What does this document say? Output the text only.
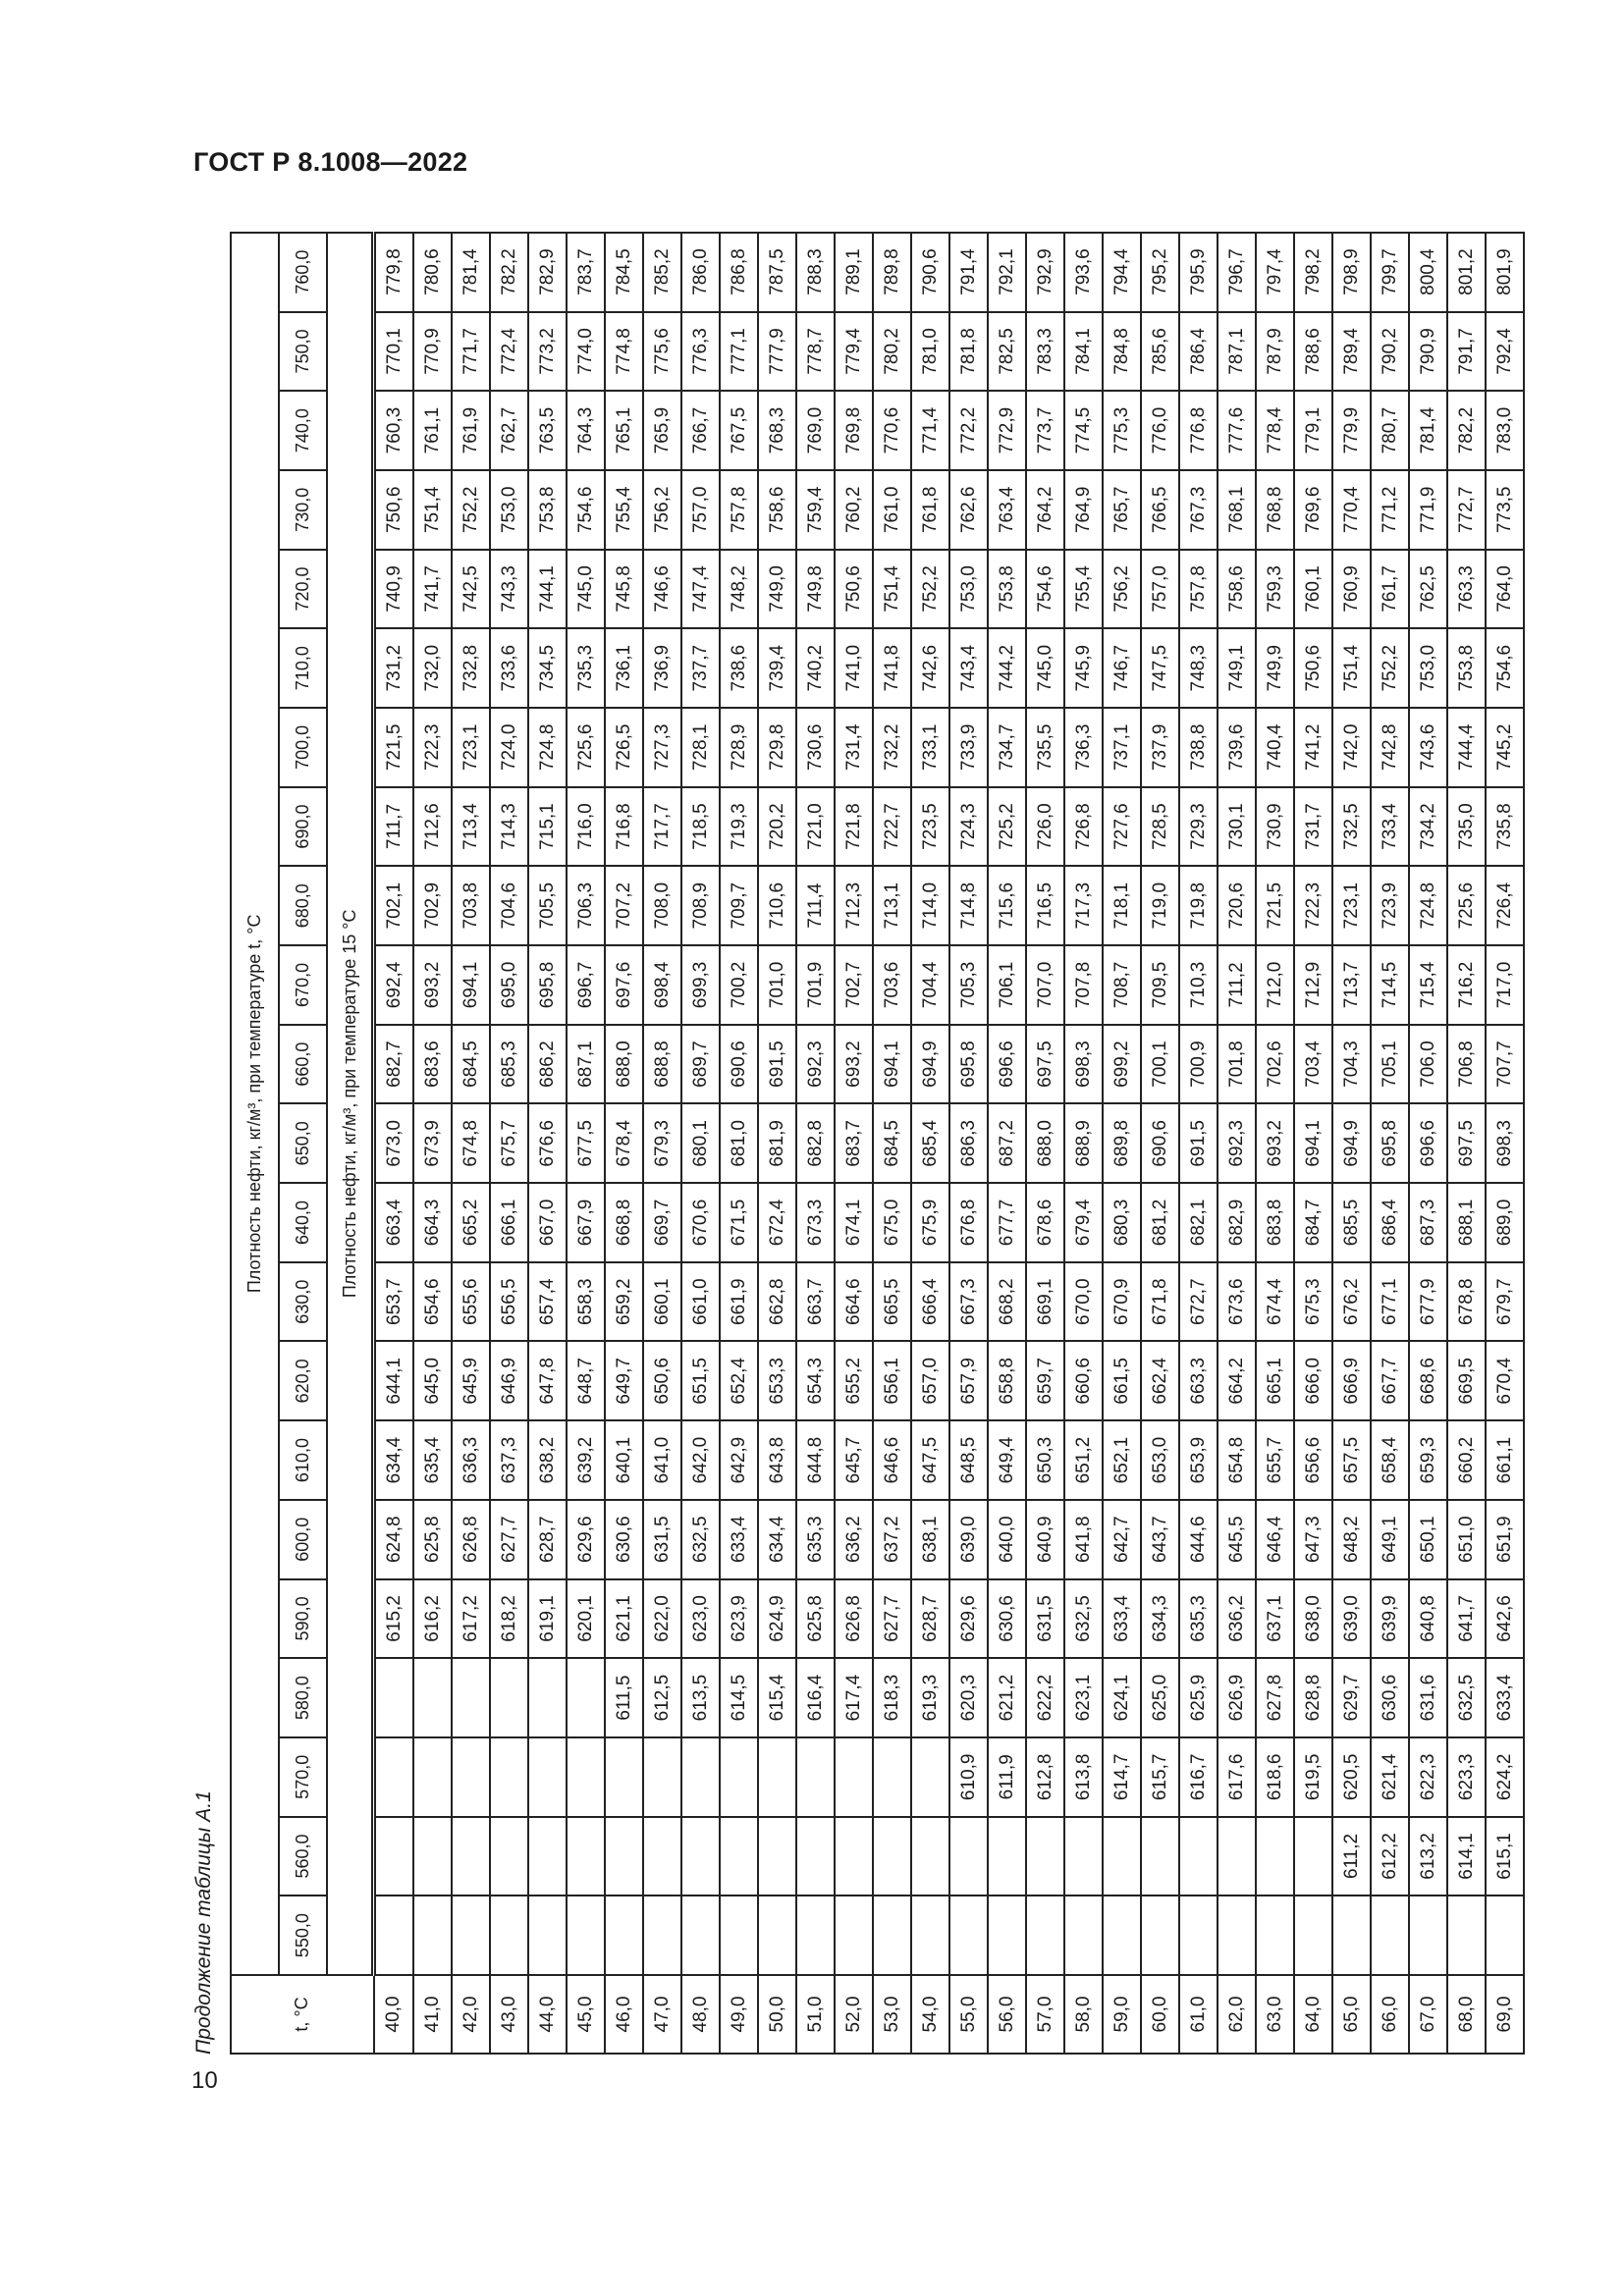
ГОСТ Р 8.1008—2022
Продолжение таблицы А.1
10
t, °C	Плотность нефти, кг/м³, при температуре t, °C																					
	550,0	560,0	570,0	580,0	590,0	600,0	610,0	620,0	630,0	640,0	650,0	660,0	670,0	680,0	690,0	700,0	710,0	720,0	730,0	740,0	750,0	760,0
	Плотность нефти, кг/м³, при температуре 15 °C																					
40,0					615,2	624,8	634,4	644,1	653,7	663,4	673,0	682,7	692,4	702,1	711,7	721,5	731,2	740,9	750,6	760,3	770,1	779,8
41,0					616,2	625,8	635,4	645,0	654,6	664,3	673,9	683,6	693,2	702,9	712,6	722,3	732,0	741,7	751,4	761,1	770,9	780,6
42,0					617,2	626,8	636,3	645,9	655,6	665,2	674,8	684,5	694,1	703,8	713,4	723,1	732,8	742,5	752,2	761,9	771,7	781,4
43,0					618,2	627,7	637,3	646,9	656,5	666,1	675,7	685,3	695,0	704,6	714,3	724,0	733,6	743,3	753,0	762,7	772,4	782,2
44,0					619,1	628,7	638,2	647,8	657,4	667,0	676,6	686,2	695,8	705,5	715,1	724,8	734,5	744,1	753,8	763,5	773,2	782,9
45,0					620,1	629,6	639,2	648,7	658,3	667,9	677,5	687,1	696,7	706,3	716,0	725,6	735,3	745,0	754,6	764,3	774,0	783,7
46,0				611,5	621,1	630,6	640,1	649,7	659,2	668,8	678,4	688,0	697,6	707,2	716,8	726,5	736,1	745,8	755,4	765,1	774,8	784,5
47,0				612,5	622,0	631,5	641,0	650,6	660,1	669,7	679,3	688,8	698,4	708,0	717,7	727,3	736,9	746,6	756,2	765,9	775,6	785,2
48,0				613,5	623,0	632,5	642,0	651,5	661,0	670,6	680,1	689,7	699,3	708,9	718,5	728,1	737,7	747,4	757,0	766,7	776,3	786,0
49,0				614,5	623,9	633,4	642,9	652,4	661,9	671,5	681,0	690,6	700,2	709,7	719,3	728,9	738,6	748,2	757,8	767,5	777,1	786,8
50,0				615,4	624,9	634,4	643,8	653,3	662,8	672,4	681,9	691,5	701,0	710,6	720,2	729,8	739,4	749,0	758,6	768,3	777,9	787,5
51,0				616,4	625,8	635,3	644,8	654,3	663,7	673,3	682,8	692,3	701,9	711,4	721,0	730,6	740,2	749,8	759,4	769,0	778,7	788,3
52,0				617,4	626,8	636,2	645,7	655,2	664,6	674,1	683,7	693,2	702,7	712,3	721,8	731,4	741,0	750,6	760,2	769,8	779,4	789,1
53,0				618,3	627,7	637,2	646,6	656,1	665,5	675,0	684,5	694,1	703,6	713,1	722,7	732,2	741,8	751,4	761,0	770,6	780,2	789,8
54,0				619,3	628,7	638,1	647,5	657,0	666,4	675,9	685,4	694,9	704,4	714,0	723,5	733,1	742,6	752,2	761,8	771,4	781,0	790,6
55,0			610,9	620,3	629,6	639,0	648,5	657,9	667,3	676,8	686,3	695,8	705,3	714,8	724,3	733,9	743,4	753,0	762,6	772,2	781,8	791,4
56,0			611,9	621,2	630,6	640,0	649,4	658,8	668,2	677,7	687,2	696,6	706,1	715,6	725,2	734,7	744,2	753,8	763,4	772,9	782,5	792,1
57,0			612,8	622,2	631,5	640,9	650,3	659,7	669,1	678,6	688,0	697,5	707,0	716,5	726,0	735,5	745,0	754,6	764,2	773,7	783,3	792,9
58,0			613,8	623,1	632,5	641,8	651,2	660,6	670,0	679,4	688,9	698,3	707,8	717,3	726,8	736,3	745,9	755,4	764,9	774,5	784,1	793,6
59,0			614,7	624,1	633,4	642,7	652,1	661,5	670,9	680,3	689,8	699,2	708,7	718,1	727,6	737,1	746,7	756,2	765,7	775,3	784,8	794,4
60,0			615,7	625,0	634,3	643,7	653,0	662,4	671,8	681,2	690,6	700,1	709,5	719,0	728,5	737,9	747,5	757,0	766,5	776,0	785,6	795,2
61,0			616,7	625,9	635,3	644,6	653,9	663,3	672,7	682,1	691,5	700,9	710,3	719,8	729,3	738,8	748,3	757,8	767,3	776,8	786,4	795,9
62,0			617,6	626,9	636,2	645,5	654,8	664,2	673,6	682,9	692,3	701,8	711,2	720,6	730,1	739,6	749,1	758,6	768,1	777,6	787,1	796,7
63,0			618,6	627,8	637,1	646,4	655,7	665,1	674,4	683,8	693,2	702,6	712,0	721,5	730,9	740,4	749,9	759,3	768,8	778,4	787,9	797,4
64,0			619,5	628,8	638,0	647,3	656,6	666,0	675,3	684,7	694,1	703,4	712,9	722,3	731,7	741,2	750,6	760,1	769,6	779,1	788,6	798,2
65,0		611,2	620,5	629,7	639,0	648,2	657,5	666,9	676,2	685,5	694,9	704,3	713,7	723,1	732,5	742,0	751,4	760,9	770,4	779,9	789,4	798,9
66,0		612,2	621,4	630,6	639,9	649,1	658,4	667,7	677,1	686,4	695,8	705,1	714,5	723,9	733,4	742,8	752,2	761,7	771,2	780,7	790,2	799,7
67,0		613,2	622,3	631,6	640,8	650,1	659,3	668,6	677,9	687,3	696,6	706,0	715,4	724,8	734,2	743,6	753,0	762,5	771,9	781,4	790,9	800,4
68,0		614,1	623,3	632,5	641,7	651,0	660,2	669,5	678,8	688,1	697,5	706,8	716,2	725,6	735,0	744,4	753,8	763,3	772,7	782,2	791,7	801,2
69,0		615,1	624,2	633,4	642,6	651,9	661,1	670,4	679,7	689,0	698,3	707,7	717,0	726,4	735,8	745,2	754,6	764,0	773,5	783,0	792,4	801,9
